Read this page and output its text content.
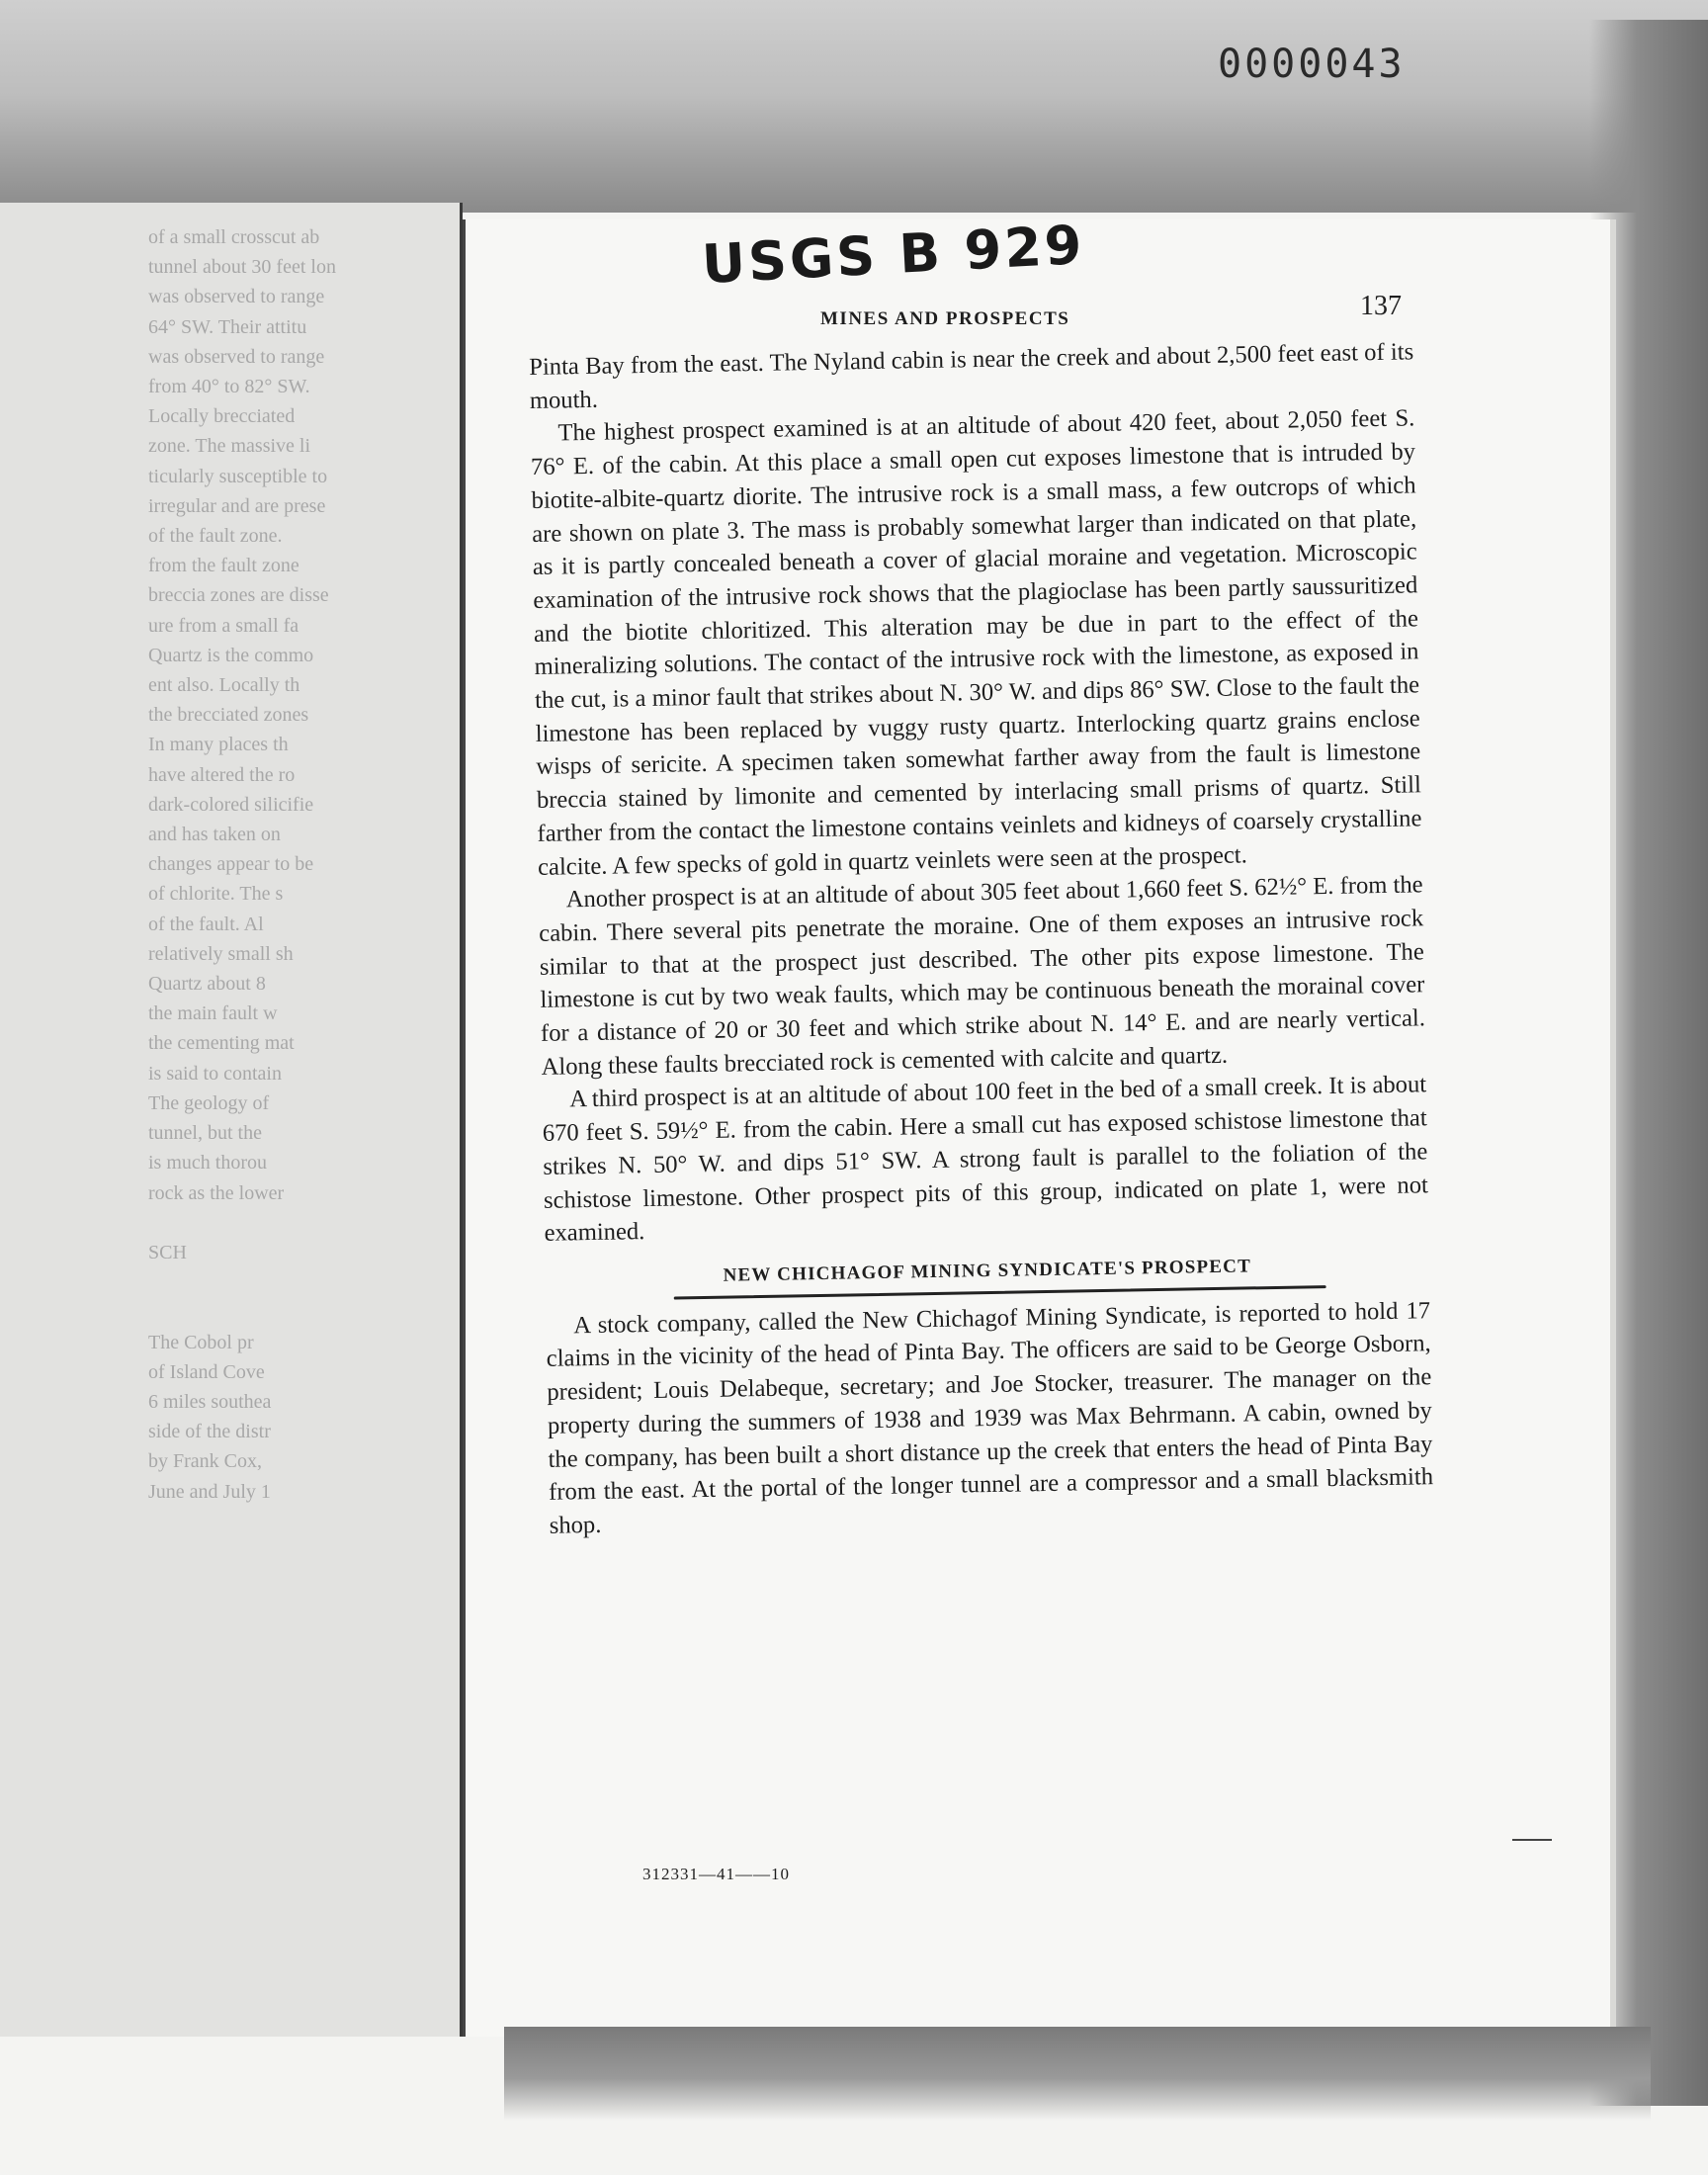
of a small crosscut ab
tunnel about 30 feet lon
was observed to range
64° SW. Their attitu
was observed to range
from 40° to 82° SW.
Locally brecciated
zone. The massive li
ticularly susceptible to
irregular and are prese
of the fault zone.
from the fault zone
breccia zones are disse
ure from a small fa
Quartz is the commo
ent also. Locally th
the brecciated zones
In many places th
have altered the ro
dark-colored silicifie
and has taken on
changes appear to be
of chlorite. The s
of the fault. Al
relatively small sh
Quartz about 8
the main fault w
the cementing mat
is said to contain
The geology of
tunnel, but the
is much thorou
rock as the lower

SCH

The Cobol pr
of Island Cove
6 miles southea
side of the distr
by Frank Cox,
June and July 1
0000043
USGS B 929
MINES AND PROSPECTS	137

Pinta Bay from the east. The Nyland cabin is near the creek and about 2,500 feet east of its mouth.

The highest prospect examined is at an altitude of about 420 feet, about 2,050 feet S. 76° E. of the cabin. At this place a small open cut exposes limestone that is intruded by biotite-albite-quartz diorite. The intrusive rock is a small mass, a few outcrops of which are shown on plate 3. The mass is probably somewhat larger than indicated on that plate, as it is partly concealed beneath a cover of glacial moraine and vegetation. Microscopic examination of the intrusive rock shows that the plagioclase has been partly saussuritized and the biotite chloritized. This alteration may be due in part to the effect of the mineralizing solutions. The contact of the intrusive rock with the limestone, as exposed in the cut, is a minor fault that strikes about N. 30° W. and dips 86° SW. Close to the fault the limestone has been replaced by vuggy rusty quartz. Interlocking quartz grains enclose wisps of sericite. A specimen taken somewhat farther away from the fault is limestone breccia stained by limonite and cemented by interlacing small prisms of quartz. Still farther from the contact the limestone contains veinlets and kidneys of coarsely crystalline calcite. A few specks of gold in quartz veinlets were seen at the prospect.

Another prospect is at an altitude of about 305 feet about 1,660 feet S. 62½° E. from the cabin. There several pits penetrate the moraine. One of them exposes an intrusive rock similar to that at the prospect just described. The other pits expose limestone. The limestone is cut by two weak faults, which may be continuous beneath the morainal cover for a distance of 20 or 30 feet and which strike about N. 14° E. and are nearly vertical. Along these faults brecciated rock is cemented with calcite and quartz.

A third prospect is at an altitude of about 100 feet in the bed of a small creek. It is about 670 feet S. 59½° E. from the cabin. Here a small cut has exposed schistose limestone that strikes N. 50° W. and dips 51° SW. A strong fault is parallel to the foliation of the schistose limestone. Other prospect pits of this group, indicated on plate 1, were not examined.

NEW CHICHAGOF MINING SYNDICATE'S PROSPECT

A stock company, called the New Chichagof Mining Syndicate, is reported to hold 17 claims in the vicinity of the head of Pinta Bay. The officers are said to be George Osborn, president; Louis Delabeque, secretary; and Joe Stocker, treasurer. The manager on the property during the summers of 1938 and 1939 was Max Behrmann. A cabin, owned by the company, has been built a short distance up the creek that enters the head of Pinta Bay from the east. At the portal of the longer tunnel are a compressor and a small blacksmith shop.

312331—41——10
